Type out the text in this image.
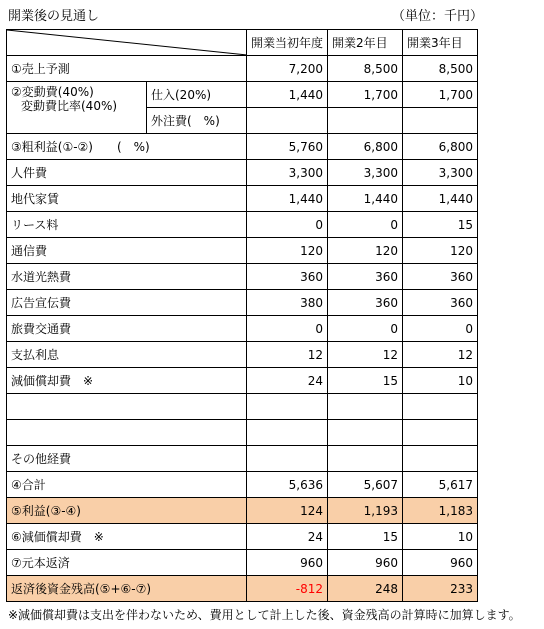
開業後の見通し	（単位：千円）
	開業当初年度	開業2年目	開業3年目
①売上予測		7,200	8,500	8,500

②変動費(40%)
変動費比率(40%)	仕入(20%)	1,440	1,700	1,700
	外注費(　%)			
③粗利益(①-②)　　(　%)		5,760	6,800	6,800
人件費		3,300	3,300	3,300
地代家賃		1,440	1,440	1,440
リース料		0	0	15
通信費		120	120	120
水道光熱費		360	360	360
広告宣伝費		380	360	360
旅費交通費		0	0	0
支払利息		12	12	12
減価償却費　※		24	15	10

その他経費				
④合計		5,636	5,607	5,617
⑤利益(③-④)		124	1,193	1,183
⑥減価償却費　※		24	15	10
⑦元本返済		960	960	960
返済後資金残高(⑤+⑥-⑦)		-812	248	233
※減価償却費は支出を伴わないため、費用として計上した後、資金残高の計算時に加算します。
